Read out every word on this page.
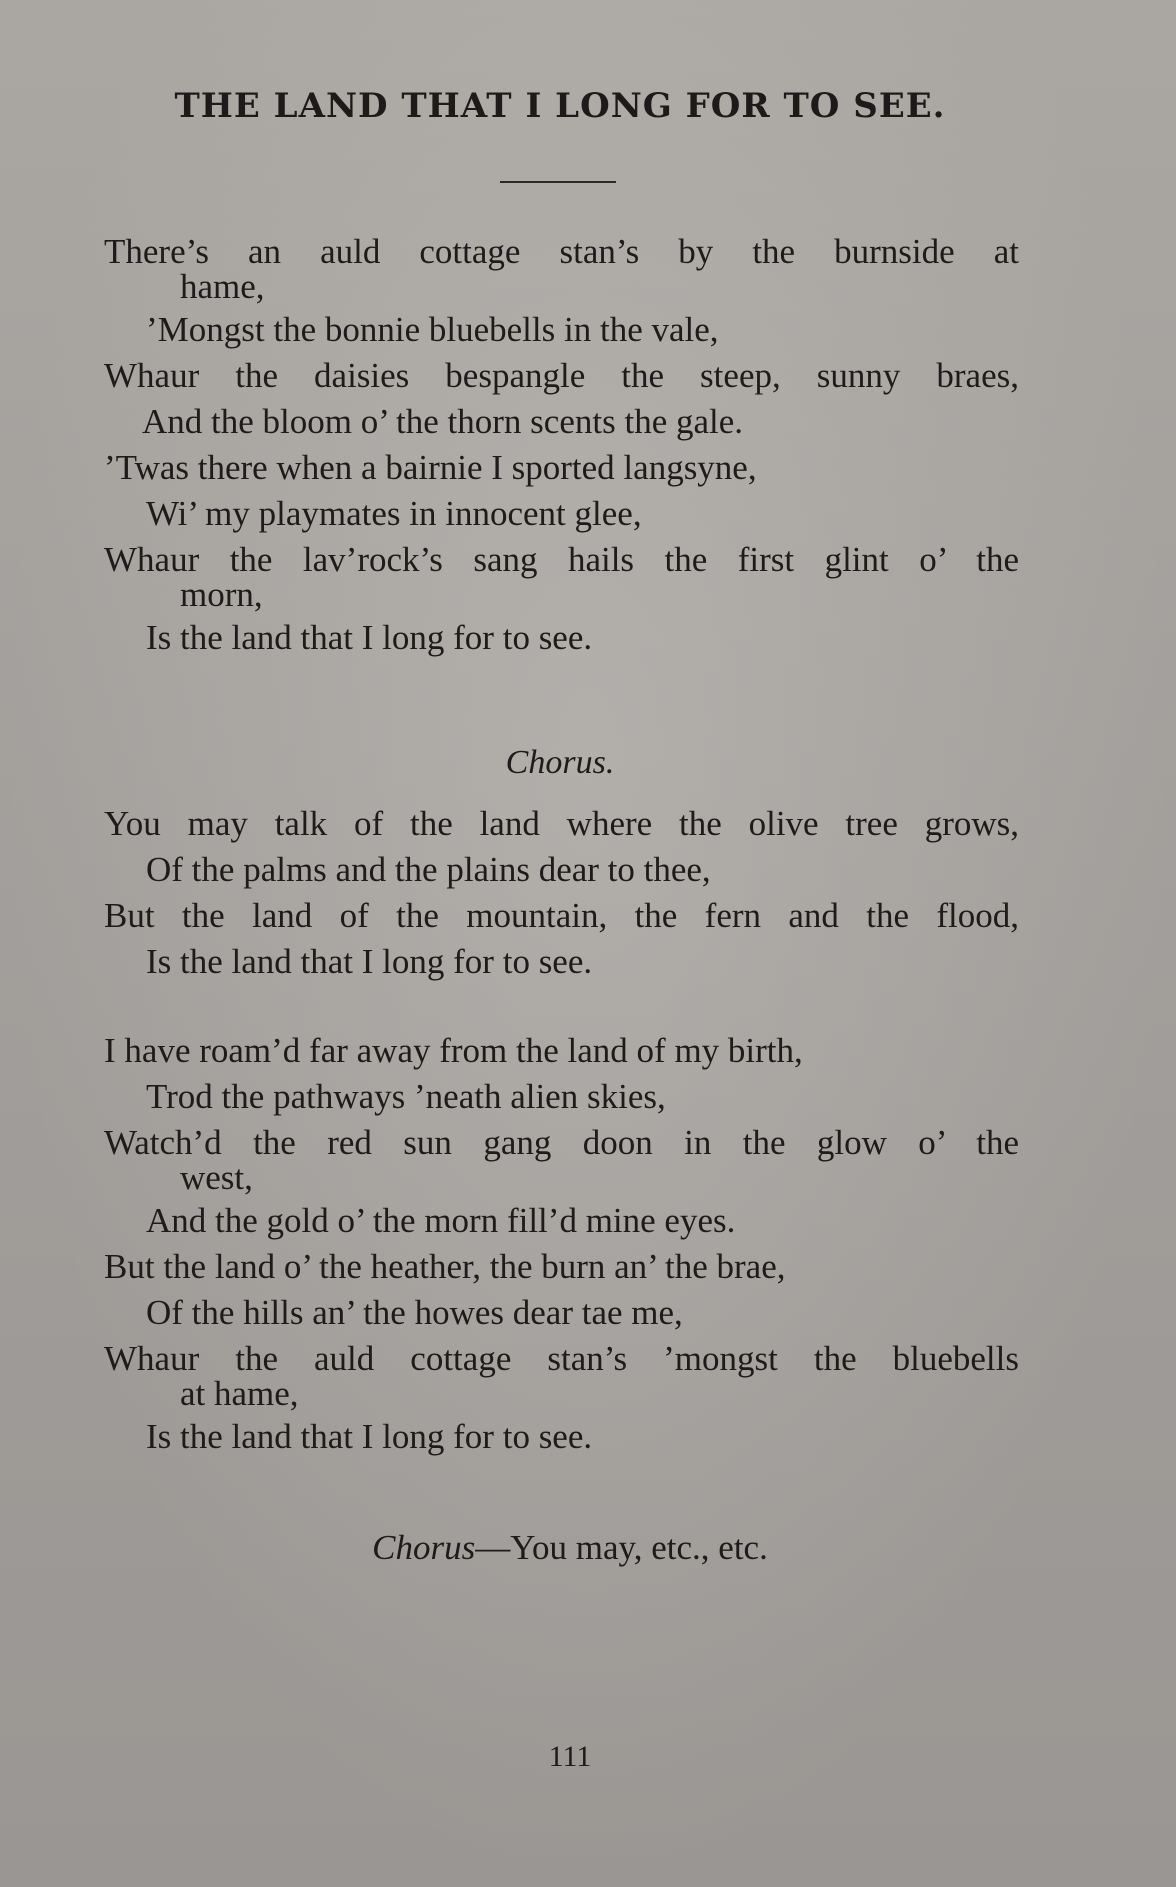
THE LAND THAT I LONG FOR TO SEE.
There’s an auld cottage stan’s by the burnside at
hame,
’Mongst the bonnie bluebells in the vale,
Whaur the daisies bespangle the steep, sunny braes,
And the bloom o’ the thorn scents the gale.
’Twas there when a bairnie I sported langsyne,
Wi’ my playmates in innocent glee,
Whaur the lav’rock’s sang hails the first glint o’ the
morn,
Is the land that I long for to see.
Chorus.
You may talk of the land where the olive tree grows,
Of the palms and the plains dear to thee,
But the land of the mountain, the fern and the flood,
Is the land that I long for to see.
I have roam’d far away from the land of my birth,
Trod the pathways ’neath alien skies,
Watch’d the red sun gang doon in the glow o’ the
west,
And the gold o’ the morn fill’d mine eyes.
But the land o’ the heather, the burn an’ the brae,
Of the hills an’ the howes dear tae me,
Whaur the auld cottage stan’s ’mongst the bluebells
at hame,
Is the land that I long for to see.
Chorus—You may, etc., etc.
111
